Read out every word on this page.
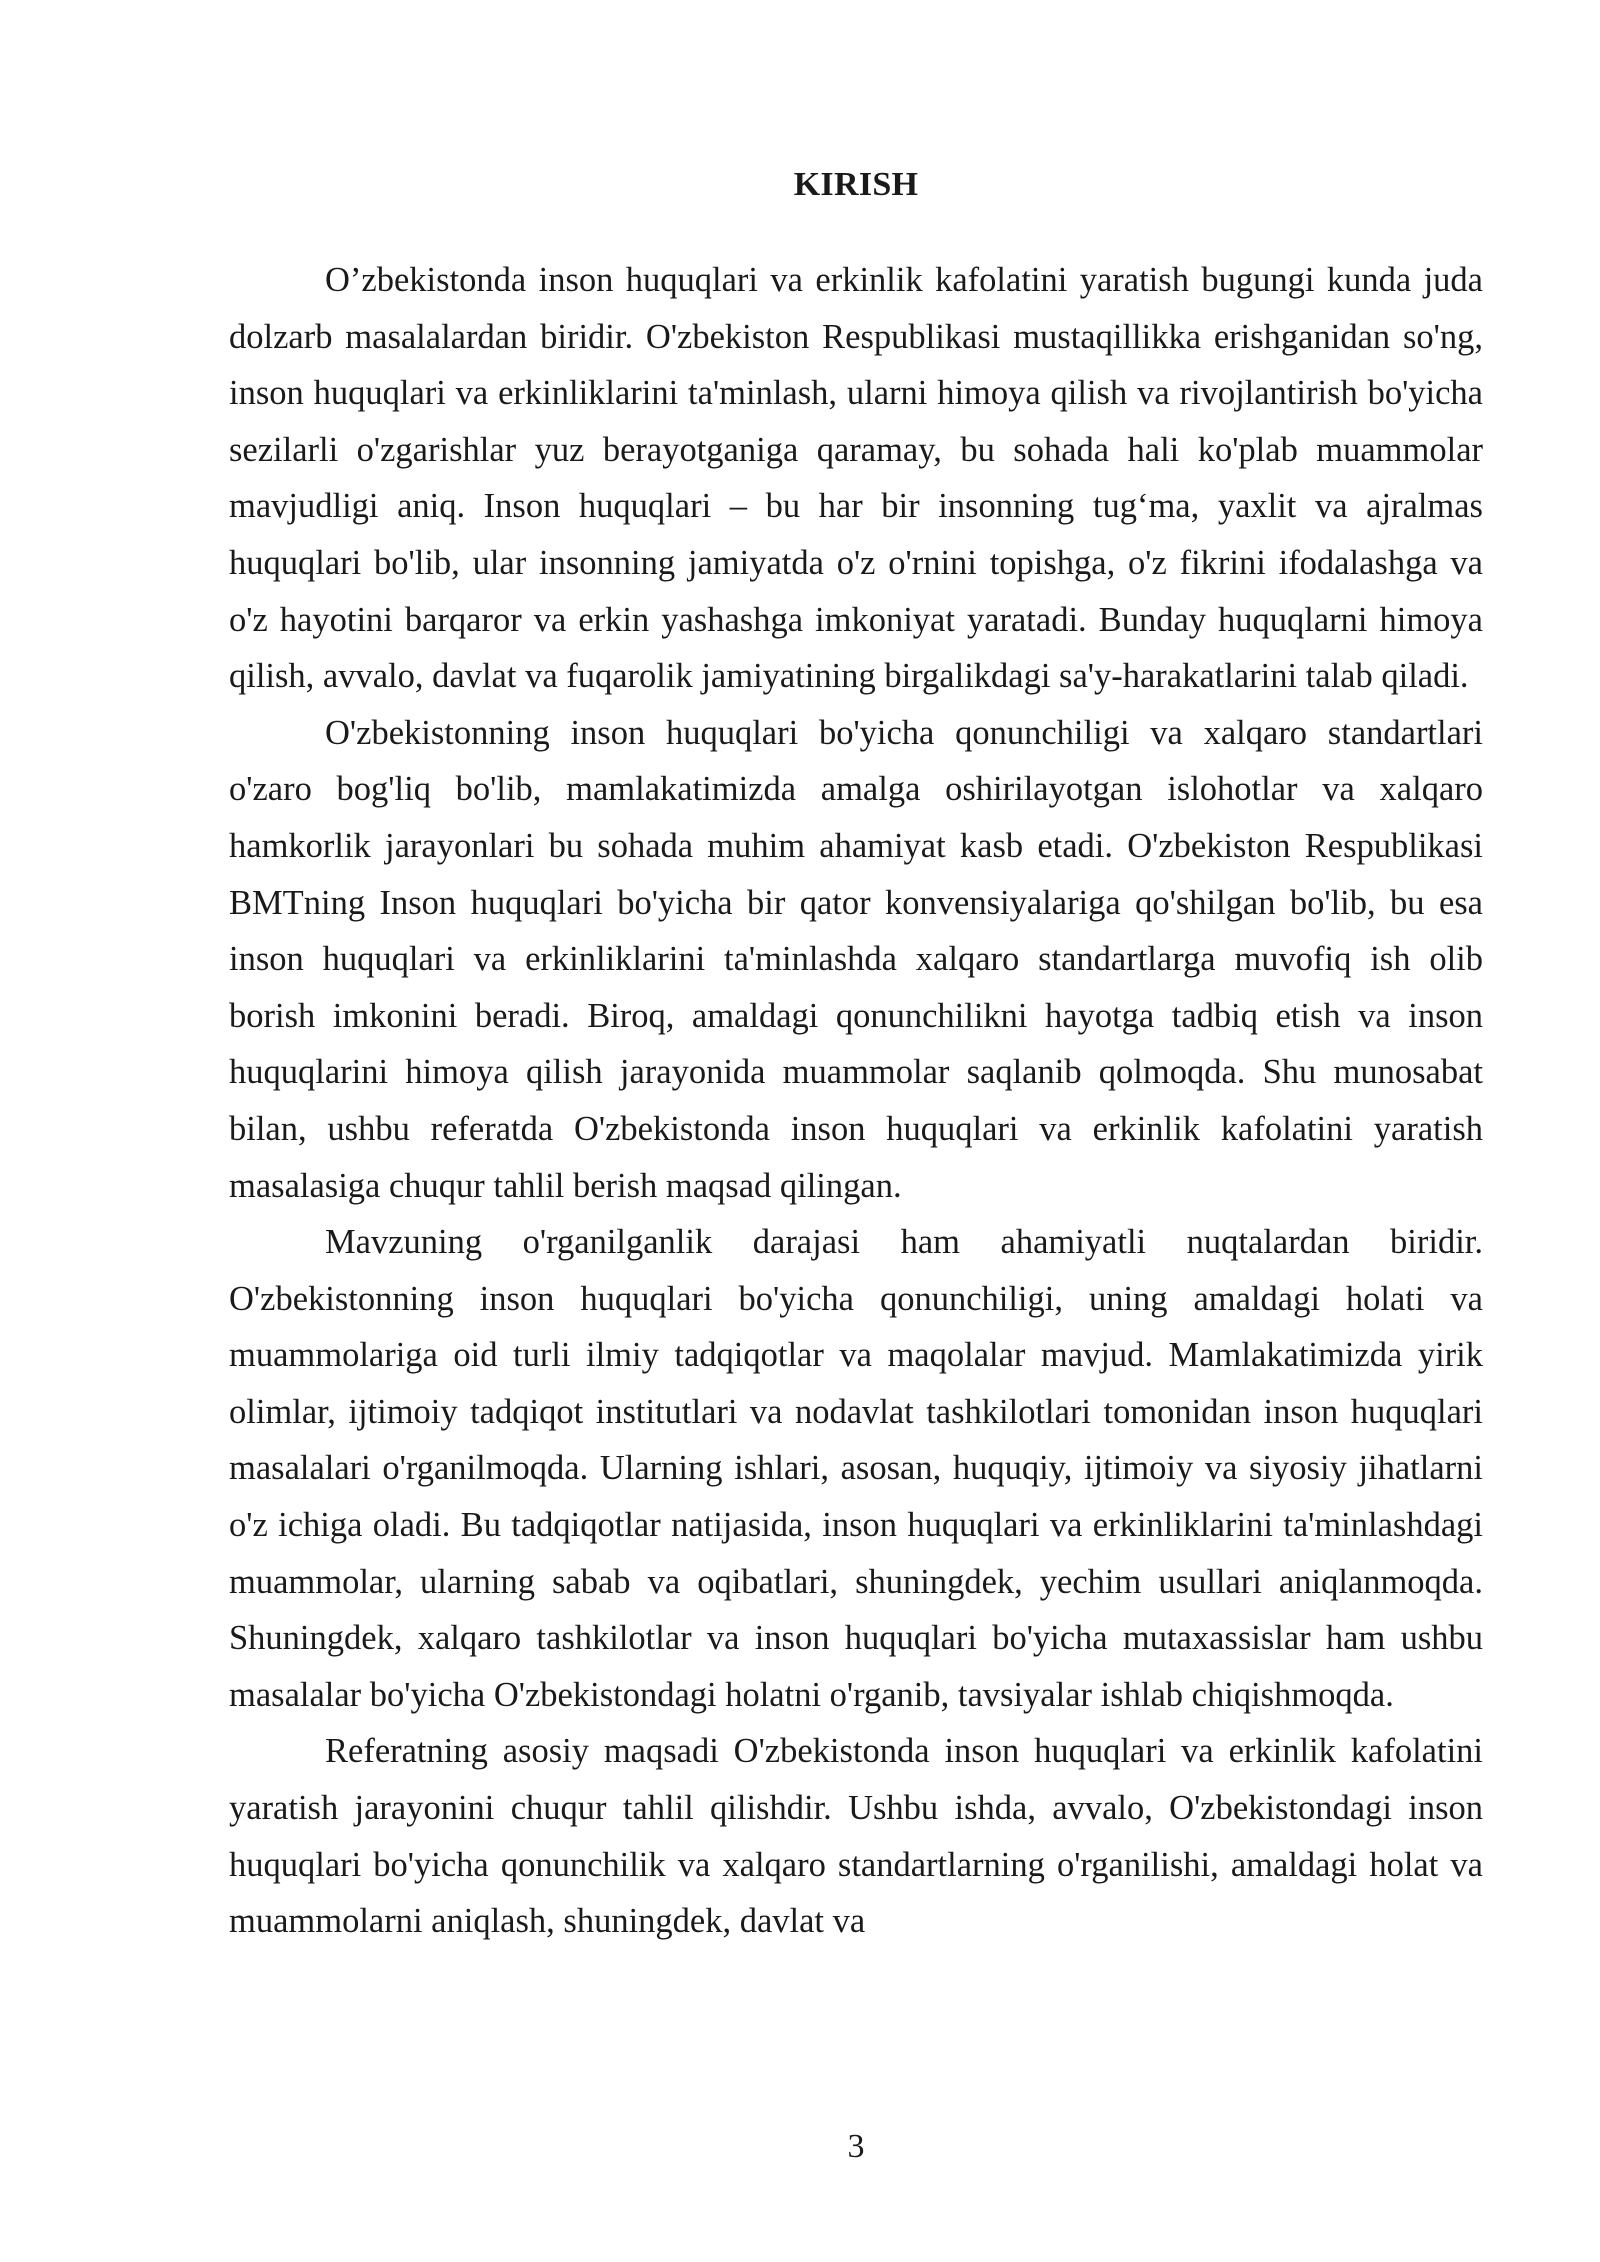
KIRISH

O’zbekistonda inson huquqlari va erkinlik kafolatini yaratish bugungi kunda juda dolzarb masalalardan biridir. O'zbekiston Respublikasi mustaqillikka erishganidan so'ng, inson huquqlari va erkinliklarini ta'minlash, ularni himoya qilish va rivojlantirish bo'yicha sezilarli o'zgarishlar yuz berayotganiga qaramay, bu sohada hali ko'plab muammolar mavjudligi aniq. Inson huquqlari – bu har bir insonning tug‘ma, yaxlit va ajralmas huquqlari bo'lib, ular insonning jamiyatda o'z o'rnini topishga, o'z fikrini ifodalashga va o'z hayotini barqaror va erkin yashashga imkoniyat yaratadi. Bunday huquqlarni himoya qilish, avvalo, davlat va fuqarolik jamiyatining birgalikdagi sa'y-harakatlarini talab qiladi.

O'zbekistonning inson huquqlari bo'yicha qonunchiligi va xalqaro standartlari o'zaro bog'liq bo'lib, mamlakatimizda amalga oshirilayotgan islohotlar va xalqaro hamkorlik jarayonlari bu sohada muhim ahamiyat kasb etadi. O'zbekiston Respublikasi BMTning Inson huquqlari bo'yicha bir qator konvensiyalariga qo'shilgan bo'lib, bu esa inson huquqlari va erkinliklarini ta'minlashda xalqaro standartlarga muvofiq ish olib borish imkonini beradi. Biroq, amaldagi qonunchilikni hayotga tadbiq etish va inson huquqlarini himoya qilish jarayonida muammolar saqlanib qolmoqda. Shu munosabat bilan, ushbu referatda O'zbekistonda inson huquqlari va erkinlik kafolatini yaratish masalasiga chuqur tahlil berish maqsad qilingan.

Mavzuning o'rganilganlik darajasi ham ahamiyatli nuqtalardan biridir. O'zbekistonning inson huquqlari bo'yicha qonunchiligi, uning amaldagi holati va muammolariga oid turli ilmiy tadqiqotlar va maqolalar mavjud. Mamlakatimizda yirik olimlar, ijtimoiy tadqiqot institutlari va nodavlat tashkilotlari tomonidan inson huquqlari masalalari o'rganilmoqda. Ularning ishlari, asosan, huquqiy, ijtimoiy va siyosiy jihatlarni o'z ichiga oladi. Bu tadqiqotlar natijasida, inson huquqlari va erkinliklarini ta'minlashdagi muammolar, ularning sabab va oqibatlari, shuningdek, yechim usullari aniqlanmoqda. Shuningdek, xalqaro tashkilotlar va inson huquqlari bo'yicha mutaxassislar ham ushbu masalalar bo'yicha O'zbekistondagi holatni o'rganib, tavsiyalar ishlab chiqishmoqda.

Referatning asosiy maqsadi O'zbekistonda inson huquqlari va erkinlik kafolatini yaratish jarayonini chuqur tahlil qilishdir. Ushbu ishda, avvalo, O'zbekistondagi inson huquqlari bo'yicha qonunchilik va xalqaro standartlarning o'rganilishi, amaldagi holat va muammolarni aniqlash, shuningdek, davlat va

3
